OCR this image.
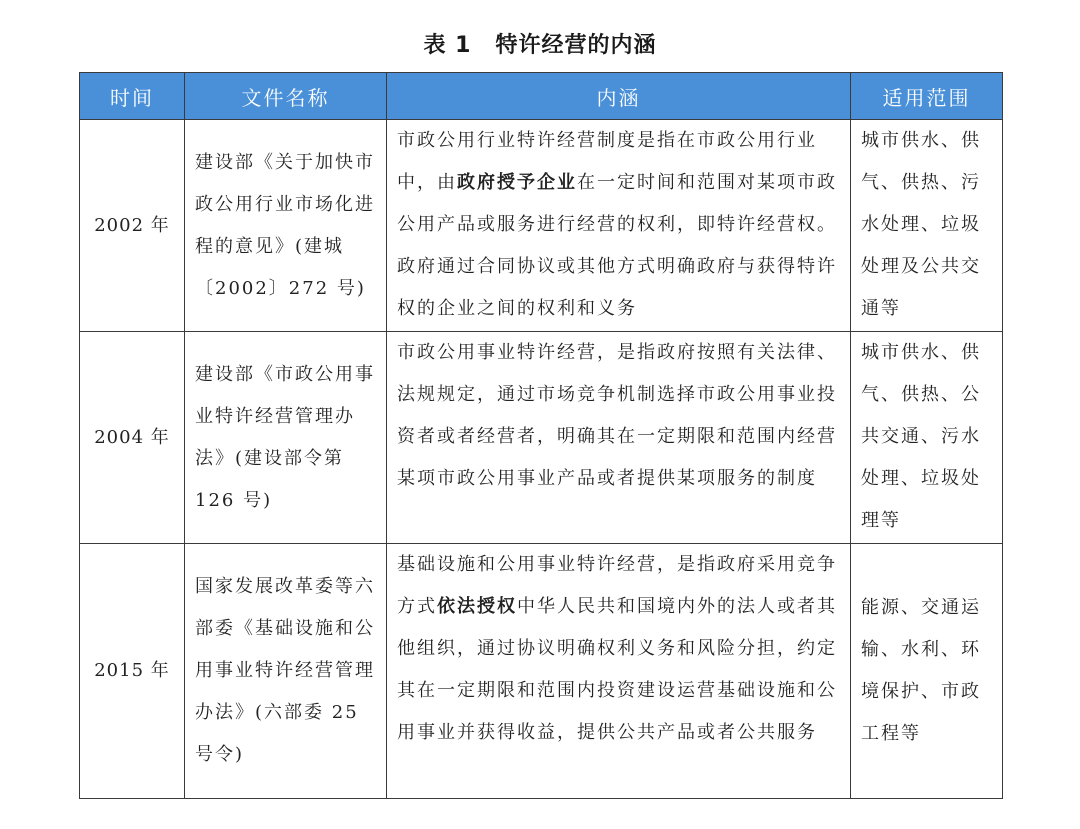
表 1 特许经营的内涵
时间	文件名称	内涵	适用范围
2002 年	建设部《关于加快市政公用行业市场化进程的意见》(建城〔2002〕272 号)	市政公用行业特许经营制度是指在市政公用行业中，由政府授予企业在一定时间和范围对某项市政公用产品或服务进行经营的权利，即特许经营权。政府通过合同协议或其他方式明确政府与获得特许权的企业之间的权利和义务	城市供水、供气、供热、污水处理、垃圾处理及公共交通等
2004 年	建设部《市政公用事业特许经营管理办法》(建设部令第 126 号)	市政公用事业特许经营，是指政府按照有关法律、法规规定，通过市场竞争机制选择市政公用事业投资者或者经营者，明确其在一定期限和范围内经营某项市政公用事业产品或者提供某项服务的制度	城市供水、供气、供热、公共交通、污水处理、垃圾处理等
2015 年	国家发展改革委等六部委《基础设施和公用事业特许经营管理办法》(六部委 25 号令)	基础设施和公用事业特许经营，是指政府采用竞争方式依法授权中华人民共和国境内外的法人或者其他组织，通过协议明确权利义务和风险分担，约定其在一定期限和范围内投资建设运营基础设施和公用事业并获得收益，提供公共产品或者公共服务	能源、交通运输、水利、环境保护、市政工程等
